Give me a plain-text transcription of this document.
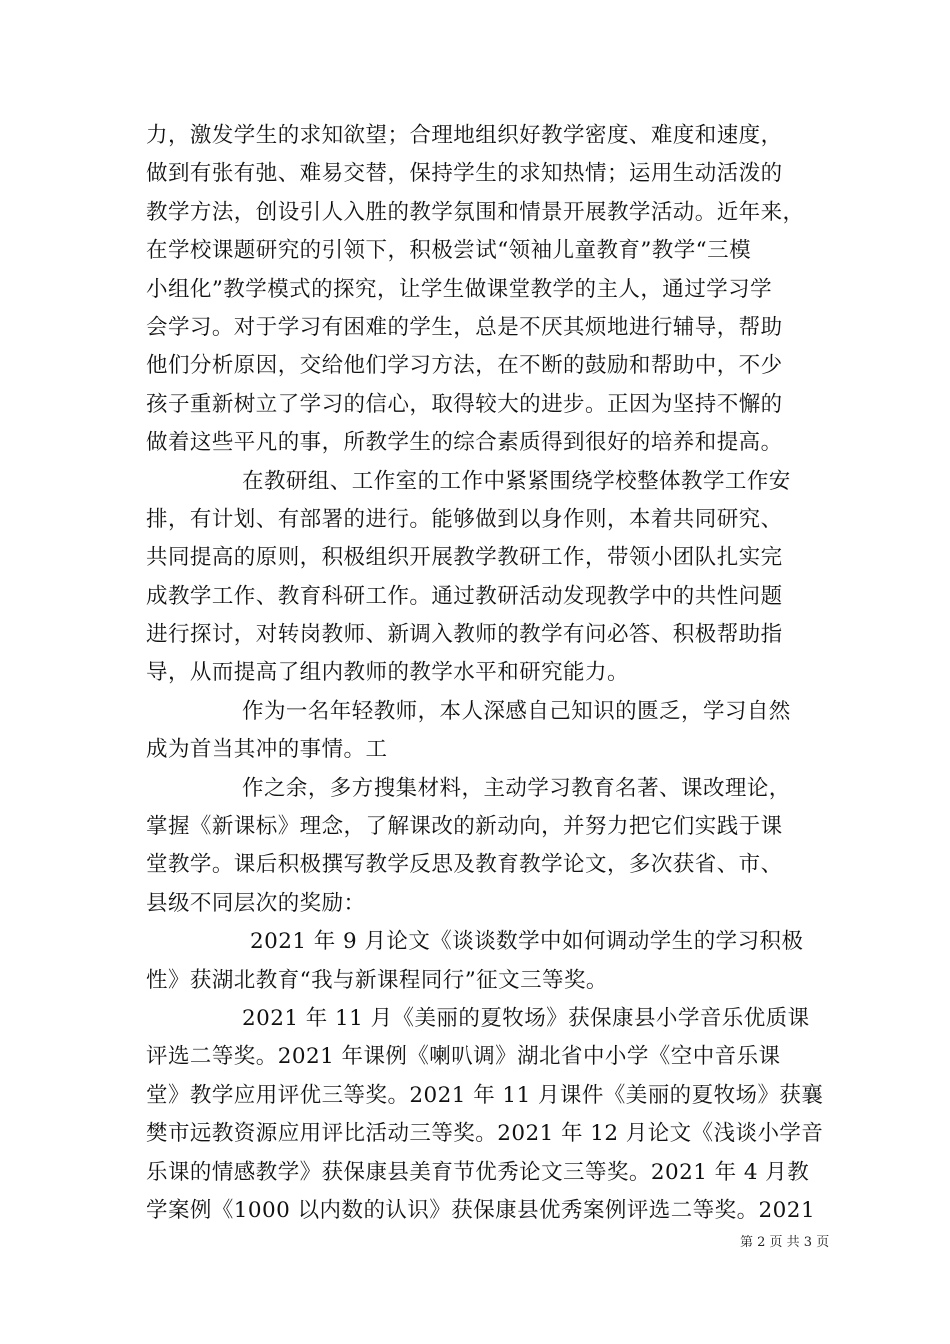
力，激发学生的求知欲望；合理地组织好教学密度、难度和速度，
做到有张有弛、难易交替，保持学生的求知热情；运用生动活泼的
教学方法，创设引人入胜的教学氛围和情景开展教学活动。近年来，
在学校课题研究的引领下，积极尝试“领袖儿童教育”教学“三模
小组化”教学模式的探究，让学生做课堂教学的主人，通过学习学
会学习。对于学习有困难的学生，总是不厌其烦地进行辅导，帮助
他们分析原因，交给他们学习方法，在不断的鼓励和帮助中，不少
孩子重新树立了学习的信心，取得较大的进步。正因为坚持不懈的
做着这些平凡的事，所教学生的综合素质得到很好的培养和提高。
在教研组、工作室的工作中紧紧围绕学校整体教学工作安
排，有计划、有部署的进行。能够做到以身作则，本着共同研究、
共同提高的原则，积极组织开展教学教研工作，带领小团队扎实完
成教学工作、教育科研工作。通过教研活动发现教学中的共性问题
进行探讨，对转岗教师、新调入教师的教学有问必答、积极帮助指
导，从而提高了组内教师的教学水平和研究能力。
作为一名年轻教师，本人深感自己知识的匮乏，学习自然
成为首当其冲的事情。工
作之余，多方搜集材料，主动学习教育名著、课改理论，
掌握《新课标》理念，了解课改的新动向，并努力把它们实践于课
堂教学。课后积极撰写教学反思及教育教学论文，多次获省、市、
县级不同层次的奖励：
2021 年 9 月论文《谈谈数学中如何调动学生的学习积极
性》获湖北教育“我与新课程同行”征文三等奖。
2021 年 11 月《美丽的夏牧场》获保康县小学音乐优质课
评选二等奖。2021 年课例《喇叭调》湖北省中小学《空中音乐课
堂》教学应用评优三等奖。2021 年 11 月课件《美丽的夏牧场》获襄
樊市远教资源应用评比活动三等奖。2021 年 12 月论文《浅谈小学音
乐课的情感教学》获保康县美育节优秀论文三等奖。2021 年 4 月教
学案例《1000 以内数的认识》获保康县优秀案例评选二等奖。2021
第 2 页 共 3 页
